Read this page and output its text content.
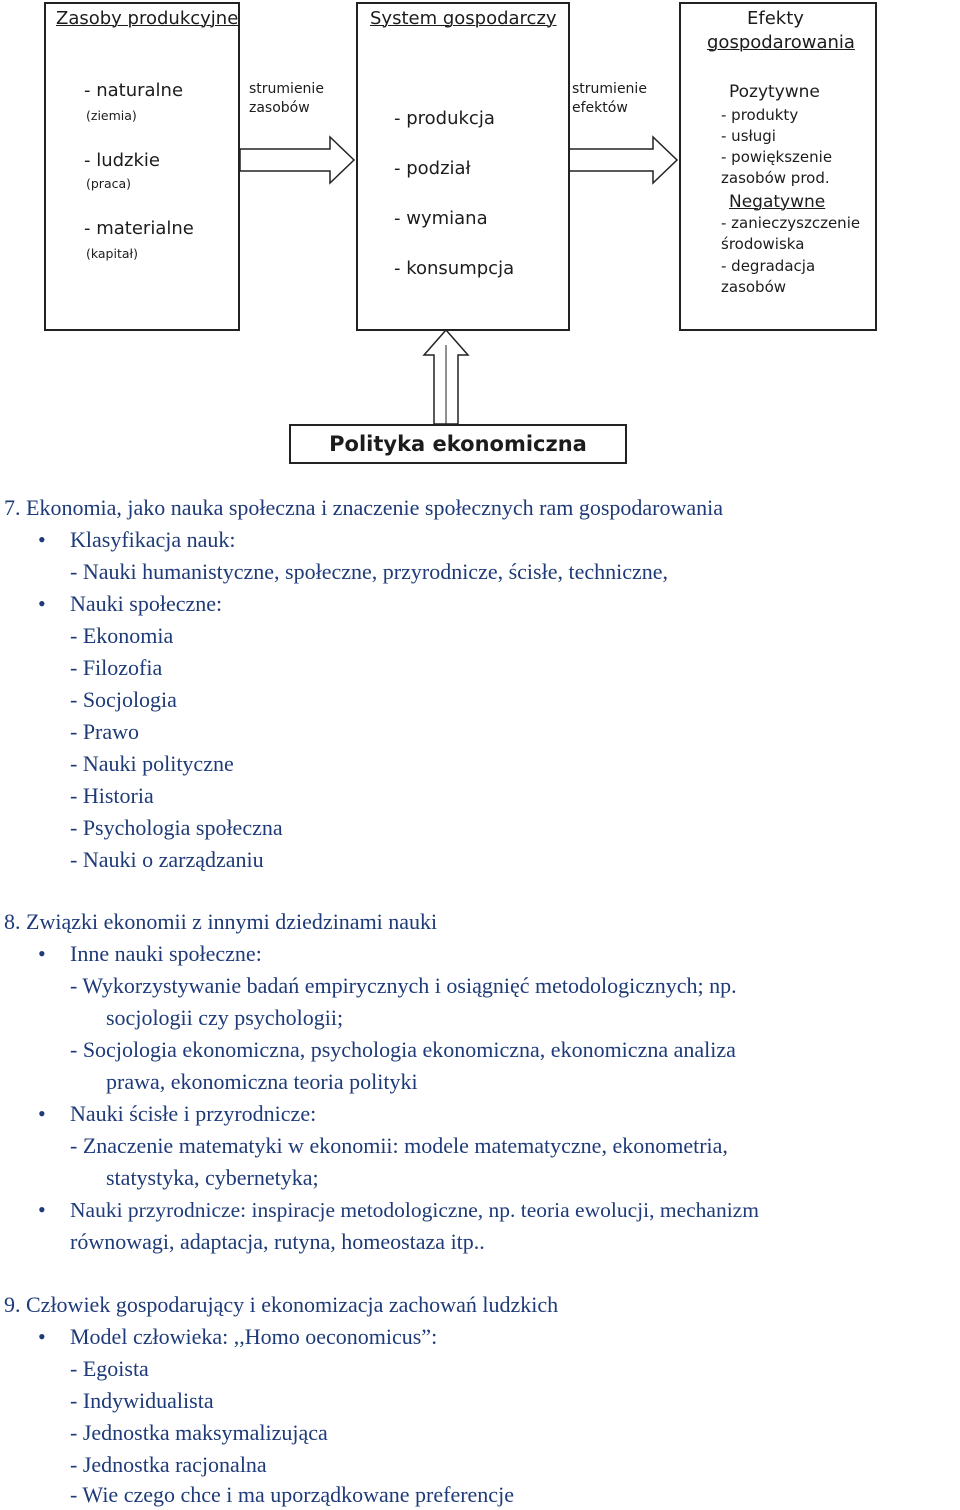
Zasoby produkcyjne
- naturalne
(ziemia)
- ludzkie
(praca)
- materialne
(kapitał)
strumienie
zasobów
System gospodarczy
- produkcja
- podział
- wymiana
- konsumpcja
strumienie
efektów
Efekty
gospodarowania
Pozytywne
- produkty
- usługi
- powiększenie
zasobów prod.
Negatywne
- zanieczyszczenie
środowiska
- degradacja
zasobów
Polityka ekonomiczna
7. Ekonomia, jako nauka społeczna i znaczenie społecznych ram gospodarowania
• Klasyfikacja nauk:
- Nauki humanistyczne, społeczne, przyrodnicze, ścisłe, techniczne,
• Nauki społeczne:
- Ekonomia
- Filozofia
- Socjologia
- Prawo
- Nauki polityczne
- Historia
- Psychologia społeczna
- Nauki o zarządzaniu
8. Związki ekonomii z innymi dziedzinami nauki
• Inne nauki społeczne:
- Wykorzystywanie badań empirycznych i osiągnięć metodologicznych; np.
socjologii czy psychologii;
- Socjologia ekonomiczna, psychologia ekonomiczna, ekonomiczna analiza
prawa, ekonomiczna teoria polityki
• Nauki ścisłe i przyrodnicze:
- Znaczenie matematyki w ekonomii: modele matematyczne, ekonometria,
statystyka, cybernetyka;
• Nauki przyrodnicze: inspiracje metodologiczne, np. teoria ewolucji, mechanizm
równowagi, adaptacja, rutyna, homeostaza itp..
9. Człowiek gospodarujący i ekonomizacja zachowań ludzkich
• Model człowieka: ,,Homo oeconomicus”:
- Egoista
- Indywidualista
- Jednostka maksymalizująca
- Jednostka racjonalna
- Wie czego chce i ma uporządkowane preferencje
